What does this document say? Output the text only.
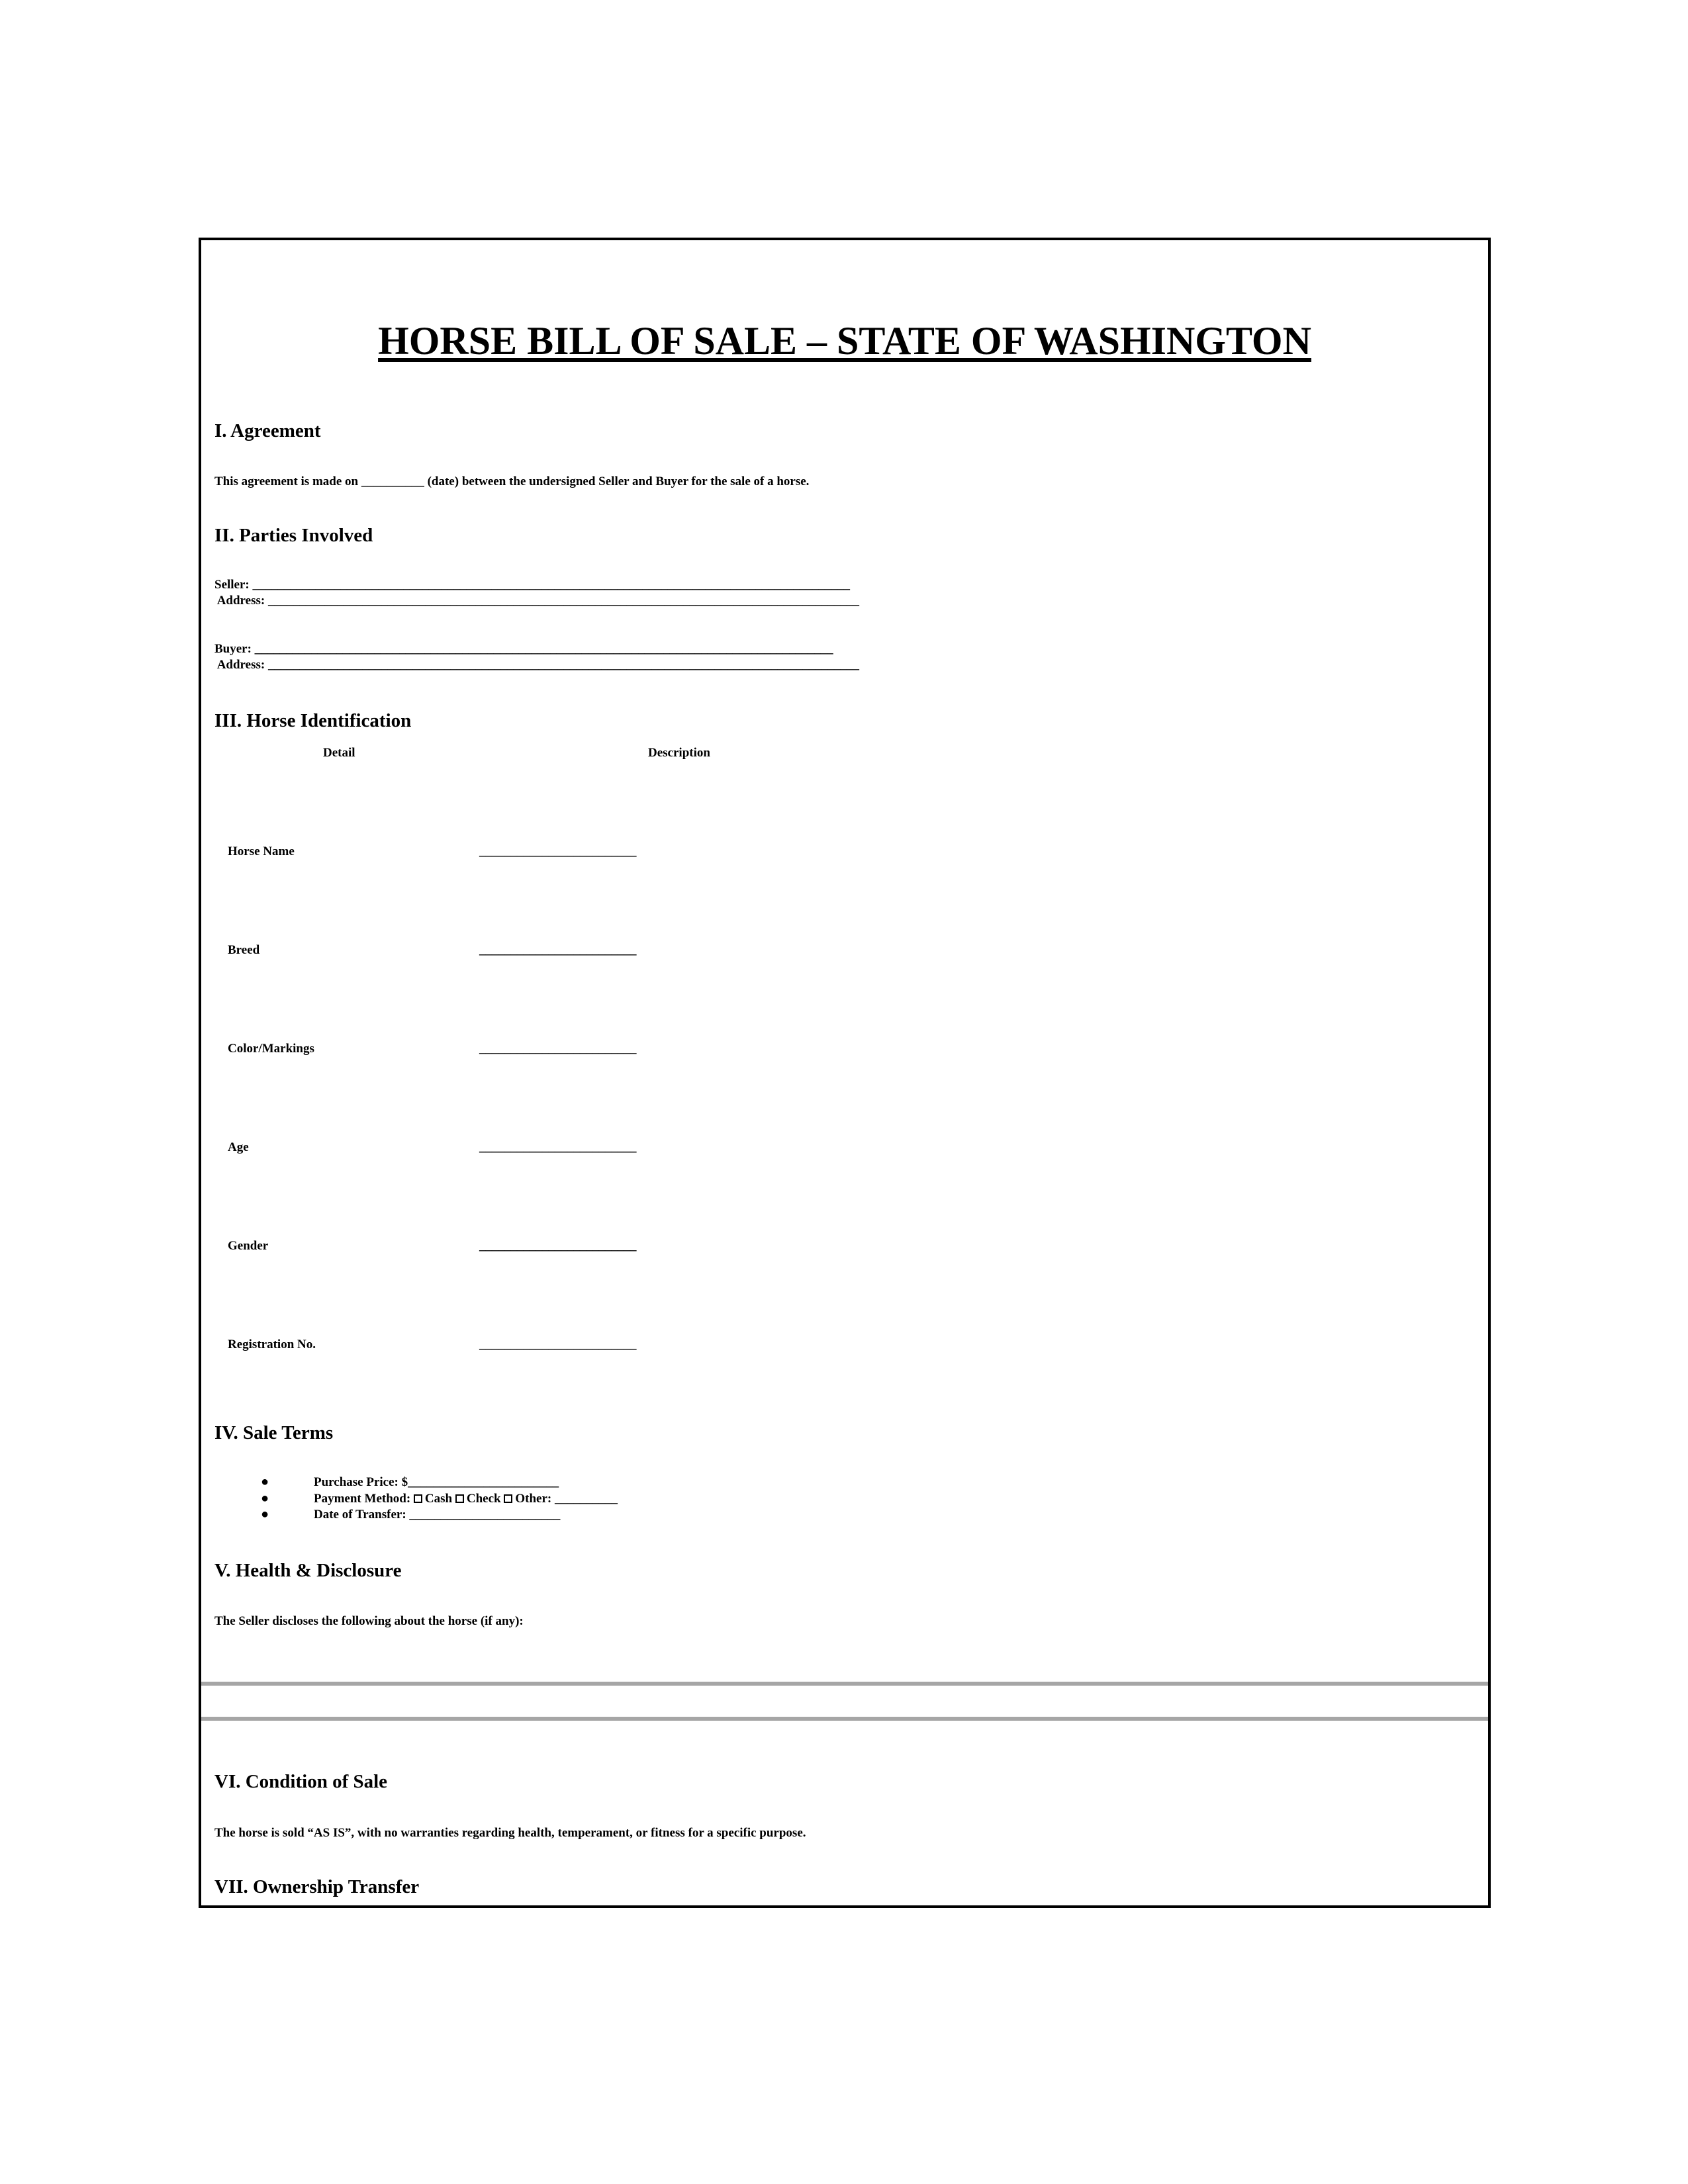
HORSE BILL OF SALE – STATE OF WASHINGTON
I. Agreement
This agreement is made on __________ (date) between the undersigned Seller and Buyer for the sale of a horse.
II. Parties Involved
Seller: _______________________________________________________________________________________________
Address: ______________________________________________________________________________________________
Buyer: ____________________________________________________________________________________________
Address: ______________________________________________________________________________________________
III. Horse Identification
Detail	Description
Horse Name	_________________________
Breed	_________________________
Color/Markings	_________________________
Age	_________________________
Gender	_________________________
Registration No.	_________________________
IV. Sale Terms
●	Purchase Price: $________________________
●	Payment Method: Cash Check Other: __________
●	Date of Transfer: ________________________
V. Health & Disclosure
The Seller discloses the following about the horse (if any):
VI. Condition of Sale
The horse is sold “AS IS”, with no warranties regarding health, temperament, or fitness for a specific purpose.
VII. Ownership Transfer
